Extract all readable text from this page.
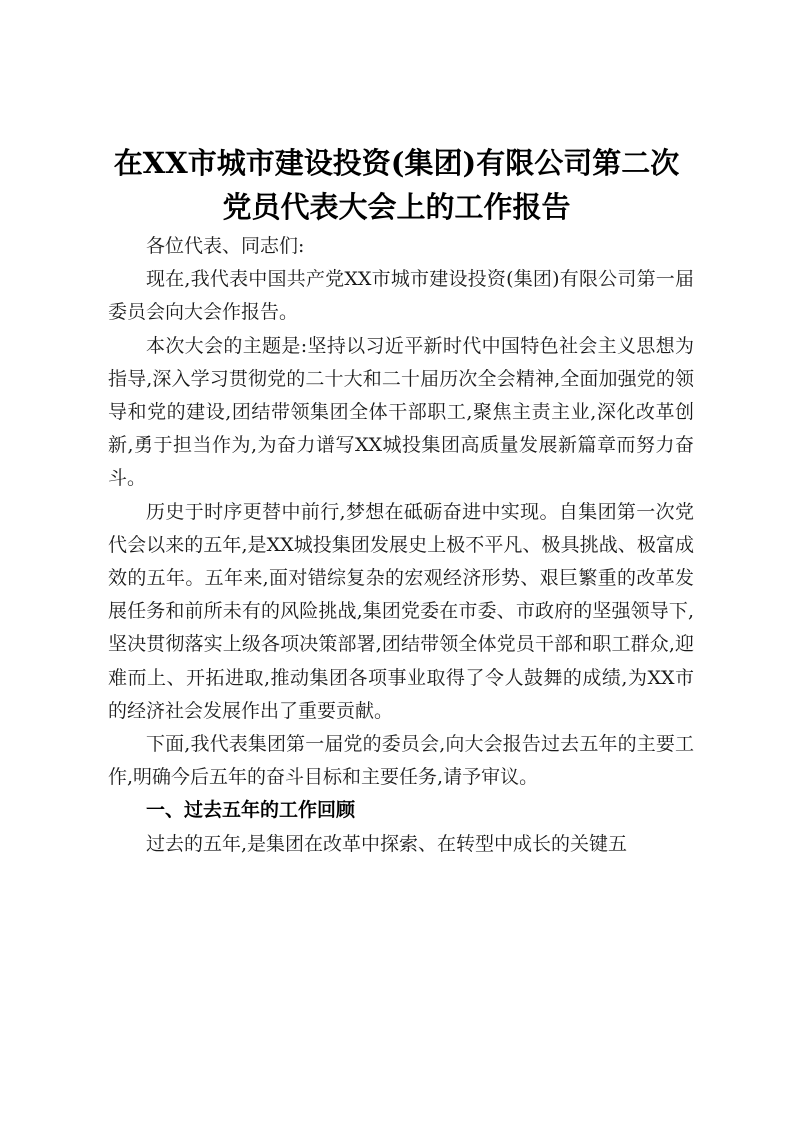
在XX市城市建设投资(集团)有限公司第二次
党员代表大会上的工作报告

各位代表、同志们:

现在,我代表中国共产党XX市城市建设投资(集团)有限公司第一届委员会向大会作报告。

本次大会的主题是:坚持以习近平新时代中国特色社会主义思想为指导,深入学习贯彻党的二十大和二十届历次全会精神,全面加强党的领导和党的建设,团结带领集团全体干部职工,聚焦主责主业,深化改革创新,勇于担当作为,为奋力谱写XX城投集团高质量发展新篇章而努力奋斗。

历史于时序更替中前行,梦想在砥砺奋进中实现。自集团第一次党代会以来的五年,是XX城投集团发展史上极不平凡、极具挑战、极富成效的五年。五年来,面对错综复杂的宏观经济形势、艰巨繁重的改革发展任务和前所未有的风险挑战,集团党委在市委、市政府的坚强领导下,坚决贯彻落实上级各项决策部署,团结带领全体党员干部和职工群众,迎难而上、开拓进取,推动集团各项事业取得了令人鼓舞的成绩,为XX市的经济社会发展作出了重要贡献。

下面,我代表集团第一届党的委员会,向大会报告过去五年的主要工作,明确今后五年的奋斗目标和主要任务,请予审议。

一、过去五年的工作回顾

过去的五年,是集团在改革中探索、在转型中成长的关键五
